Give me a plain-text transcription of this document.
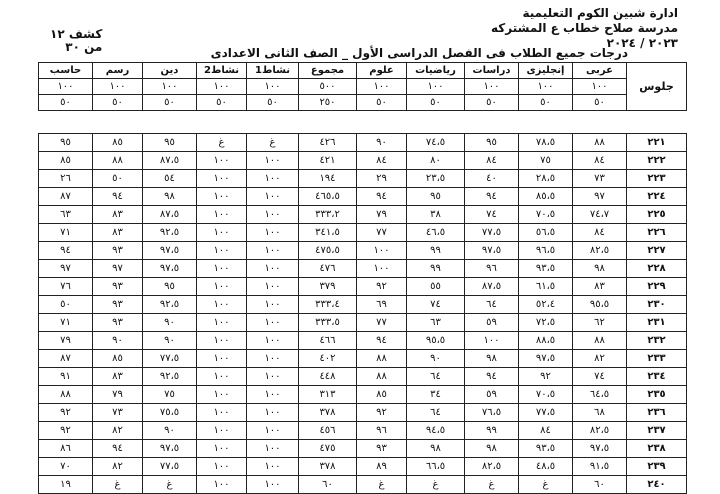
ادارة شبين الكوم التعليمية
مدرسة صلاح خطاب ع المشتركه
٢٠٢٣ / ٢٠٢٤
كشف ١٢
من ٣٠	درجات جميع الطلاب فى الفصل الدراسى الأول _ الصف الثانى الاعدادى
جلوس	عربى	إنجليزى	دراسات	رياضيات	علوم	مجموع	نشاط1	نشاط2	دين	رسم	حاسب
	١٠٠	١٠٠	١٠٠	١٠٠	١٠٠	٥٠٠	١٠٠	١٠٠	١٠٠	١٠٠	١٠٠
	٥٠	٥٠	٥٠	٥٠	٥٠	٢٥٠	٥٠	٥٠	٥٠	٥٠	٥٠

٢٢١	٨٨	٧٨،٥	٩٥	٧٤،٥	٩٠	٤٢٦	غ	غ	٩٥	٨٥	٩٥
٢٢٢	٨٤	٧٥	٨٤	٨٠	٨٤	٤٢١	١٠٠	١٠٠	٨٧،٥	٨٨	٨٥
٢٢٣	٧٣	٢٨،٥	٤٠	٢٣،٥	٢٩	١٩٤	١٠٠	١٠٠	٥٤	٥٠	٢٦
٢٢٤	٩٧	٨٥،٥	٩٤	٩٥	٩٤	٤٦٥،٥	١٠٠	١٠٠	٩٨	٩٤	٨٧
٢٢٥	٧٤،٧	٧٠،٥	٧٤	٣٨	٧٩	٣٣٣،٢	١٠٠	١٠٠	٨٧،٥	٨٣	٦٣
٢٢٦	٨٤	٥٦،٥	٧٧،٥	٤٦،٥	٧٧	٣٤١،٥	١٠٠	١٠٠	٩٢،٥	٨٣	٧١
٢٢٧	٨٢،٥	٩٦،٥	٩٧،٥	٩٩	١٠٠	٤٧٥،٥	١٠٠	١٠٠	٩٧،٥	٩٣	٩٤
٢٢٨	٩٨	٩٣،٥	٩٦	٩٩	١٠٠	٤٧٦	١٠٠	١٠٠	٩٧،٥	٩٧	٩٧
٢٢٩	٨٣	٦١،٥	٨٧،٥	٥٥	٩٢	٣٧٩	١٠٠	١٠٠	٩٥	٩٣	٧٦
٢٣٠	٩٥،٥	٥٢،٤	٦٤	٧٤	٦٩	٣٣٣،٤	١٠٠	١٠٠	٩٢،٥	٩٣	٥٠
٢٣١	٦٢	٧٢،٥	٥٩	٦٣	٧٧	٣٣٣،٥	١٠٠	١٠٠	٩٠	٩٣	٧١
٢٣٢	٨٨	٨٨،٥	١٠٠	٩٥،٥	٩٤	٤٦٦	١٠٠	١٠٠	٩٠	٩٠	٧٩
٢٣٣	٨٢	٩٧،٥	٩٨	٩٠	٨٨	٤٠٢	١٠٠	١٠٠	٧٧،٥	٨٥	٨٧
٢٣٤	٧٤	٩٢	٩٤	٦٤	٨٨	٤٤٨	١٠٠	١٠٠	٩٢،٥	٨٣	٩١
٢٣٥	٦٤،٥	٧٠،٥	٥٩	٣٤	٨٥	٣١٣	١٠٠	١٠٠	٧٥	٧٩	٨٨
٢٣٦	٦٨	٧٧،٥	٧٦،٥	٦٤	٩٢	٣٧٨	١٠٠	١٠٠	٧٥،٥	٧٣	٩٢
٢٣٧	٨٢،٥	٨٤	٩٩	٩٤،٥	٩٦	٤٥٦	١٠٠	١٠٠	٩٠	٨٢	٩٢
٢٣٨	٩٧،٥	٩٣،٥	٩٨	٩٨	٩٣	٤٧٥	١٠٠	١٠٠	٩٧،٥	٩٤	٨٦
٢٣٩	٩١،٥	٤٨،٥	٨٢،٥	٦٦،٥	٨٩	٣٧٨	١٠٠	١٠٠	٧٧،٥	٨٢	٧٠
٢٤٠	٦٠	غ	غ	غ	غ	٦٠	١٠٠	١٠٠	غ	غ	١٩
